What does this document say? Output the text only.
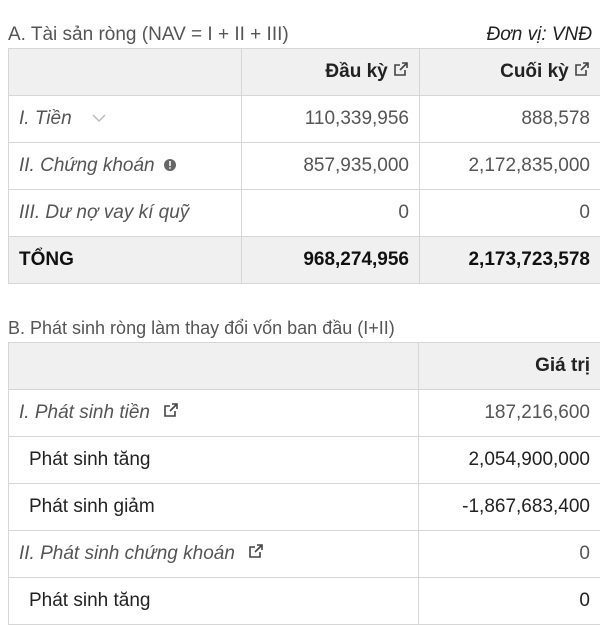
A. Tài sản ròng (NAV = I + II + III)	Đơn vị: VNĐ
	Đầu kỳ	Cuối kỳ
I. Tiền	110,339,956	888,578
II. Chứng khoán	857,935,000	2,172,835,000
III. Dư nợ vay kí quỹ	0	0
TỔNG	968,274,956	2,173,723,578
B. Phát sinh ròng làm thay đổi vốn ban đầu (I+II)
	Giá trị
I. Phát sinh tiền	187,216,600
Phát sinh tăng	2,054,900,000
Phát sinh giảm	-1,867,683,400
II. Phát sinh chứng khoán	0
Phát sinh tăng	0
